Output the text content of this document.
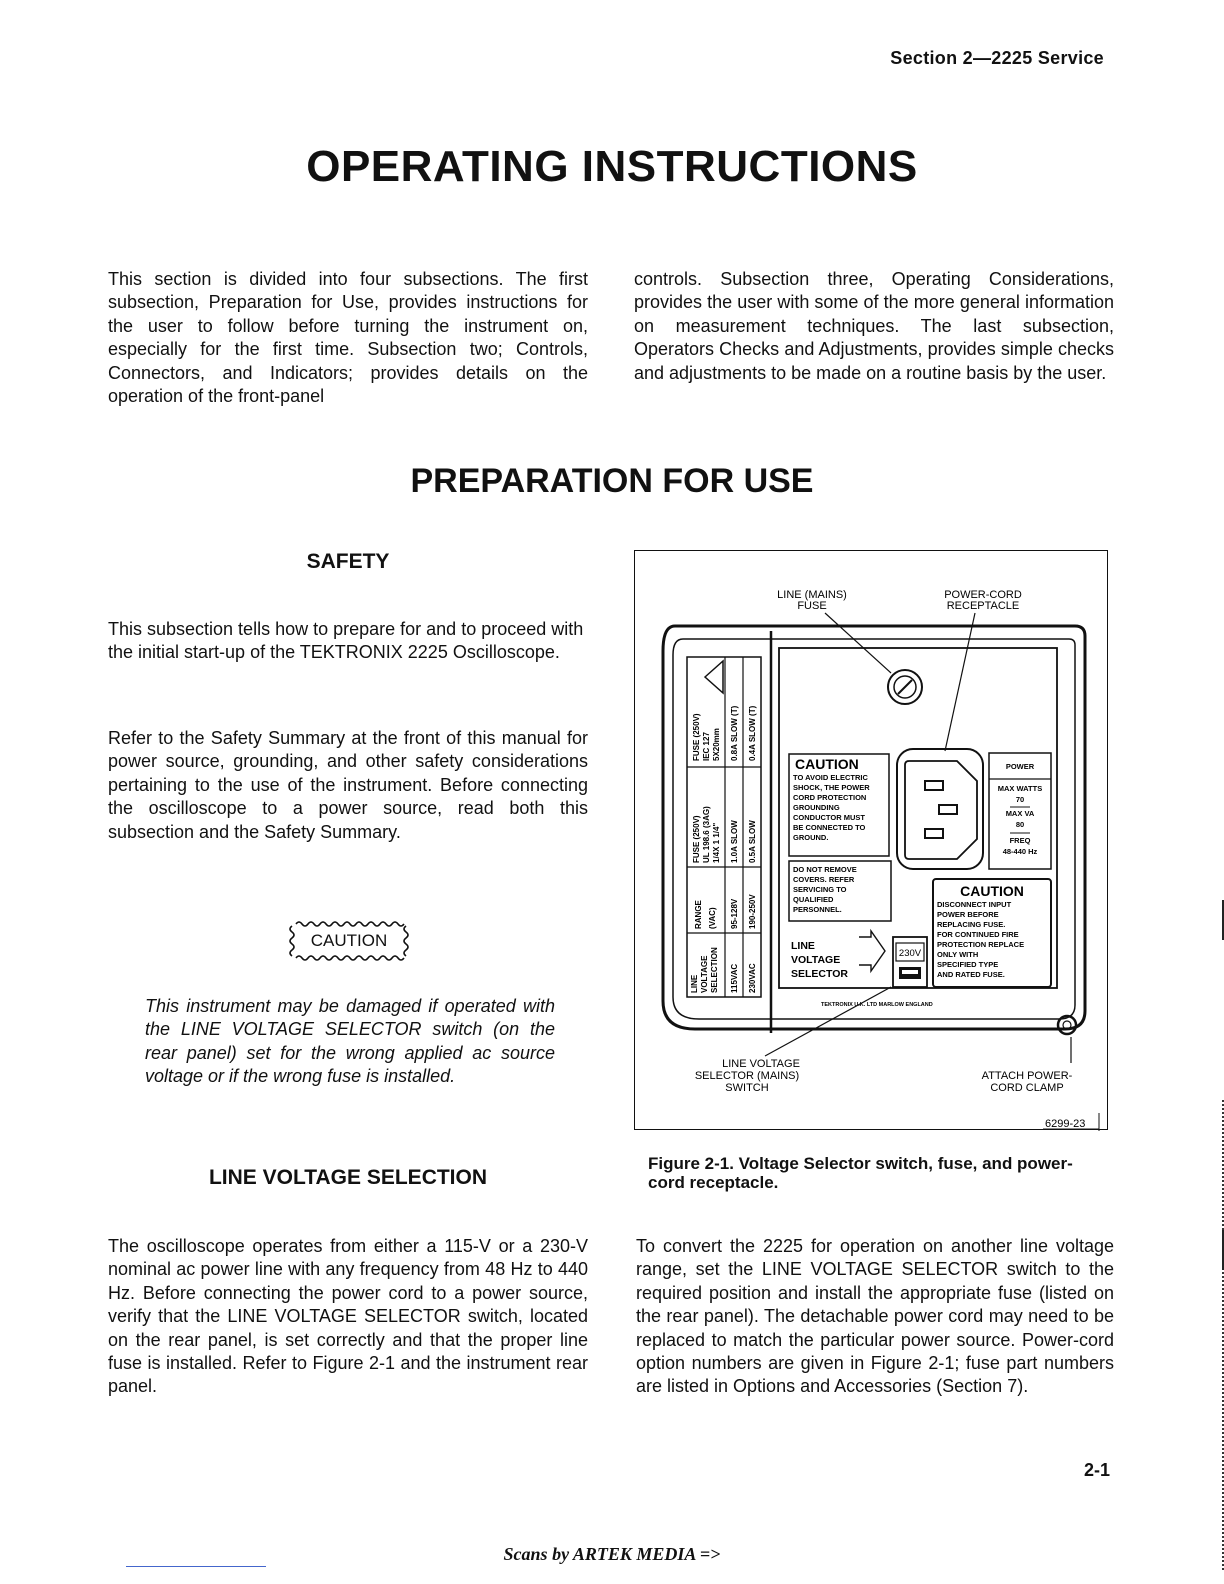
Section 2—2225 Service
OPERATING INSTRUCTIONS

This section is divided into four subsections. The first subsection, Preparation for Use, provides instructions for the user to follow before turning the instrument on, especially for the first time. Subsection two; Controls, Connectors, and Indicators; provides details on the operation of the front-panel

controls. Subsection three, Operating Considerations, provides the user with some of the more general information on measurement techniques. The last subsection, Operators Checks and Adjustments, provides simple checks and adjustments to be made on a routine basis by the user.

PREPARATION FOR USE
SAFETY

This subsection tells how to prepare for and to proceed with the initial start-up of the TEKTRONIX 2225 Oscilloscope.

Refer to the Safety Summary at the front of this manual for power source, grounding, and other safety considerations pertaining to the use of the instrument. Before connecting the oscilloscope to a power source, read both this subsection and the Safety Summary.

CAUTION

This instrument may be damaged if operated with the LINE VOLTAGE SELECTOR switch (on the rear panel) set for the wrong applied ac source voltage or if the wrong fuse is installed.

LINE VOLTAGE SELECTION

The oscilloscope operates from either a 115-V or a 230-V nominal ac power line with any frequency from 48 Hz to 440 Hz. Before connecting the power cord to a power source, verify that the LINE VOLTAGE SELECTOR switch, located on the rear panel, is set correctly and that the proper line fuse is installed. Refer to Figure 2-1 and the instrument rear panel.

To convert the 2225 for operation on another line voltage range, set the LINE VOLTAGE SELECTOR switch to the required position and install the appropriate fuse (listed on the rear panel). The detachable power cord may need to be replaced to match the particular power source. Power-cord option numbers are given in Figure 2-1; fuse part numbers are listed in Options and Accessories (Section 7).

LINE (MAINS)
FUSE
POWER-CORD
RECEPTACLE
FUSE (250V) IEC 127 5X20mm 0.8A SLOW (T) 0.4A SLOW (T)
FUSE (250V) UL 198.6 (3AG) 1/4X 1 1/4" 1.0A SLOW 0.5A SLOW
RANGE (VAC) 95-128V 190-250V
LINE VOLTAGE SELECTION 115VAC 230VAC
CAUTION
TO AVOID ELECTRIC
SHOCK, THE POWER
CORD PROTECTION
GROUNDING
CONDUCTOR MUST
BE CONNECTED TO
GROUND.
DO NOT REMOVE
COVERS. REFER
SERVICING TO
QUALIFIED
PERSONNEL.
POWER
MAX WATTS
70
MAX VA
80
FREQ
48-440 Hz
CAUTION
DISCONNECT INPUT
POWER BEFORE
REPLACING FUSE.
FOR CONTINUED FIRE
PROTECTION REPLACE
ONLY WITH
SPECIFIED TYPE
AND RATED FUSE.
LINE
VOLTAGE
SELECTOR
230V
TEKTRONIX U.K. LTD MARLOW ENGLAND
LINE VOLTAGE
SELECTOR (MAINS)
SWITCH
ATTACH POWER-
CORD CLAMP
6299-23
Figure 2-1. Voltage Selector switch, fuse, and power-cord receptacle.
2-1
Scans by ARTEK MEDIA =>
